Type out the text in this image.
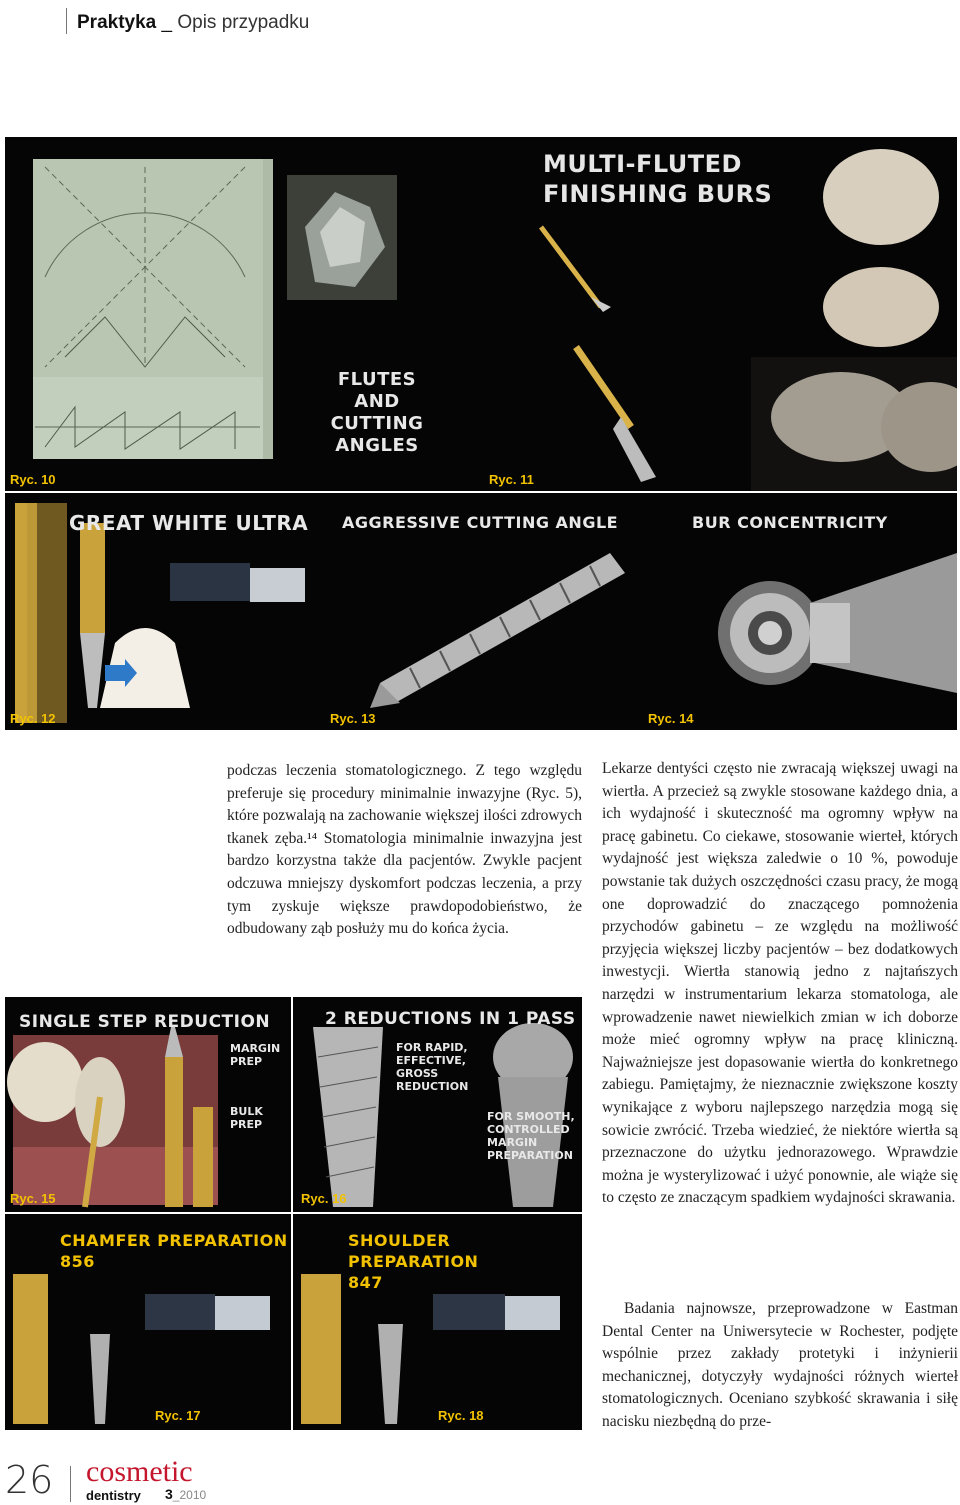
Praktyka _ Opis przypadku
FLUTES AND
CUTTING
ANGLES
Ryc. 10
MULTI-FLUTED
FINISHING BURS
Ryc. 11
GREAT WHITE ULTRA
Ryc. 12
AGGRESSIVE CUTTING ANGLE
Ryc. 13
BUR CONCENTRICITY
Ryc. 14

Lekarze dentyści często nie zwracają większej uwagi na wiertła. A przecież są zwykle stosowane każdego dnia, a ich wydajność i skuteczność ma ogromny wpływ na pracę gabinetu. Co ciekawe, stosowanie wierteł, których wydajność jest większa zaledwie o 10 %, powoduje powstanie tak dużych oszczędności czasu pracy, że mogą one doprowadzić do znaczącego pomnożenia przychodów gabinetu – ze względu na możliwość przyjęcia większej liczby pacjentów – bez dodatkowych inwestycji. Wiertła stanowią jedno z najtańszych narzędzi w instrumentarium lekarza stomatologa, ale wprowadzenie nawet niewielkich zmian w ich doborze może mieć ogromny wpływ na pracę kliniczną. Najważniejsze jest dopasowanie wiertła do konkretnego zabiegu. Pamiętajmy, że nieznacznie zwiększone koszty wynikające z wyboru najlepszego narzędzia mogą się sowicie zwrócić. Trzeba wiedzieć, że niektóre wiertła są przeznaczone do użytku jednorazowego. Wprawdzie można je wysterylizować i użyć ponownie, ale wiąże się to często ze znaczącym spadkiem wydajności skrawania.

podczas leczenia stomatologicznego. Z tego względu preferuje się procedury minimalnie inwazyjne (Ryc. 5), które pozwalają na zachowanie większej ilości zdrowych tkanek zęba.¹⁴ Stomatologia minimalnie inwazyjna jest bardzo korzystna także dla pacjentów. Zwykle pacjent odczuwa mniejszy dyskomfort podczas leczenia, a przy tym zyskuje większe prawdopodobieństwo, że odbudowany ząb posłuży mu do końca życia.

SINGLE STEP REDUCTION
MARGIN
PREP
BULK
PREP
Ryc. 15
2 REDUCTIONS IN 1 PASS
FOR RAPID,
EFFECTIVE,
GROSS
REDUCTION
FOR SMOOTH,
CONTROLLED
MARGIN
PREPARATION
Ryc. 16
CHAMFER PREPARATION
856
Ryc. 17
SHOULDER PREPARATION
847
Ryc. 18

Badania najnowsze, przeprowadzone w Eastman Dental Center na Uniwersytecie w Rochester, podjęte wspólnie przez zakłady protetyki i inżynierii mechanicznej, dotyczyły wydajności różnych wierteł stomatologicznych. Oceniano szybkość skrawania i siłę nacisku niezbędną do prze-

26 cosmetic
dentistry 3_2010
